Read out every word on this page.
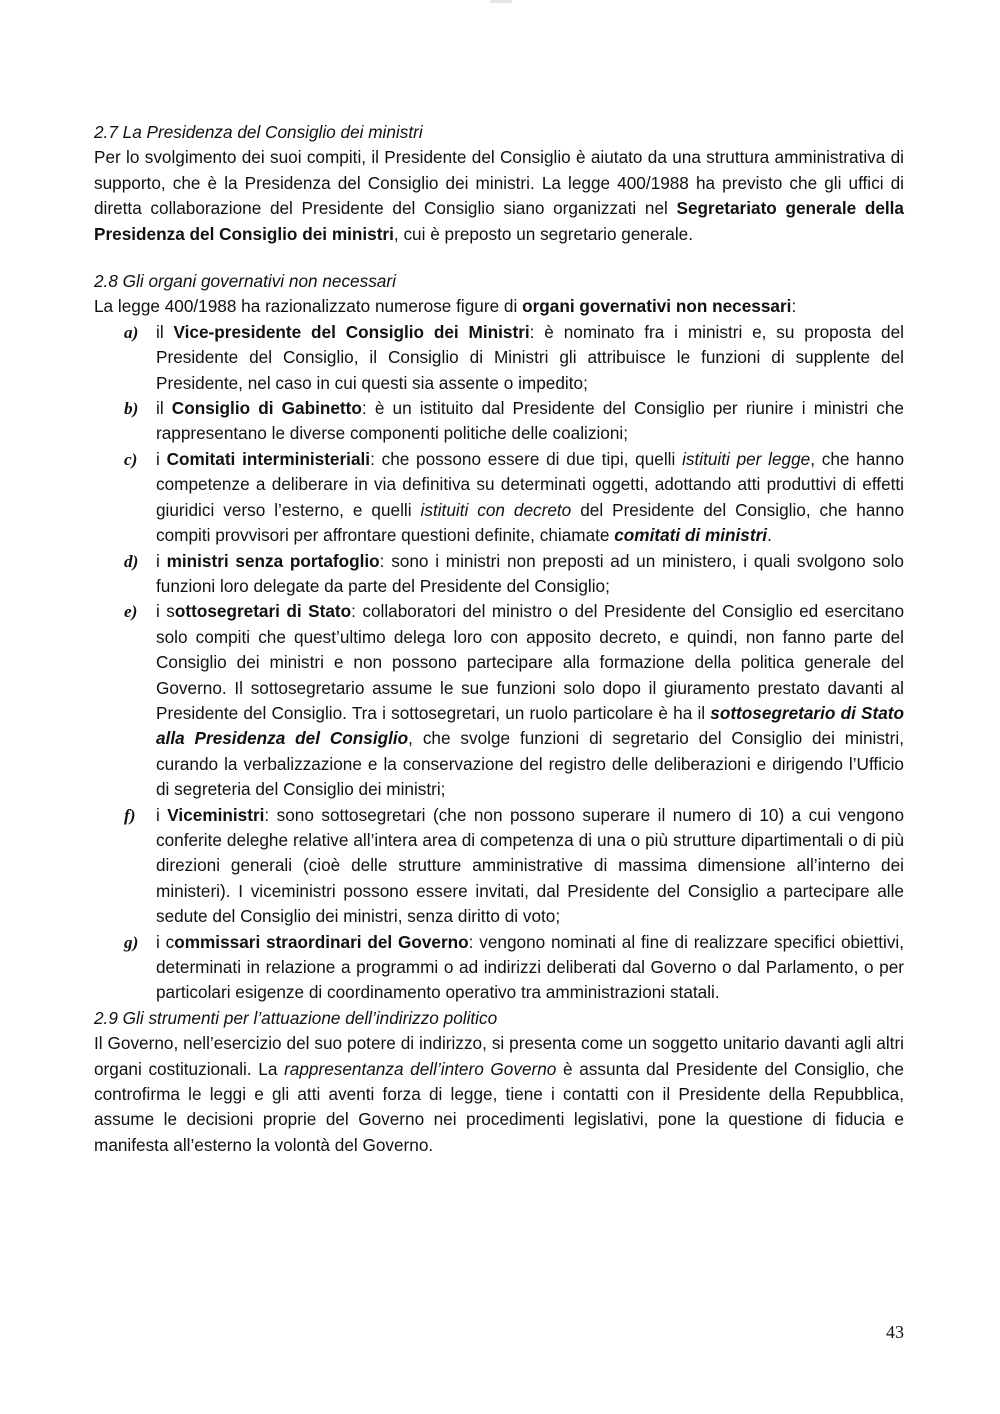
2.7 La Presidenza del Consiglio dei ministri

Per lo svolgimento dei suoi compiti, il Presidente del Consiglio è aiutato da una struttura amministrativa di supporto, che è la Presidenza del Consiglio dei ministri. La legge 400/1988 ha previsto che gli uffici di diretta collaborazione del Presidente del Consiglio siano organizzati nel Segretariato generale della Presidenza del Consiglio dei ministri, cui è preposto un segretario generale.

2.8 Gli organi governativi non necessari

La legge 400/1988 ha razionalizzato numerose figure di organi governativi non necessari:

a) il Vice-presidente del Consiglio dei Ministri: è nominato fra i ministri e, su proposta del Presidente del Consiglio, il Consiglio di Ministri gli attribuisce le funzioni di supplente del Presidente, nel caso in cui questi sia assente o impedito;
b) il Consiglio di Gabinetto: è un istituito dal Presidente del Consiglio per riunire i ministri che rappresentano le diverse componenti politiche delle coalizioni;
c) i Comitati interministeriali: che possono essere di due tipi, quelli istituiti per legge, che hanno competenze a deliberare in via definitiva su determinati oggetti, adottando atti produttivi di effetti giuridici verso l’esterno, e quelli istituiti con decreto del Presidente del Consiglio, che hanno compiti provvisori per affrontare questioni definite, chiamate comitati di ministri.
d) i ministri senza portafoglio: sono i ministri non preposti ad un ministero, i quali svolgono solo funzioni loro delegate da parte del Presidente del Consiglio;
e) i sottosegretari di Stato: collaboratori del ministro o del Presidente del Consiglio ed esercitano solo compiti che quest’ultimo delega loro con apposito decreto, e quindi, non fanno parte del Consiglio dei ministri e non possono partecipare alla formazione della politica generale del Governo. Il sottosegretario assume le sue funzioni solo dopo il giuramento prestato davanti al Presidente del Consiglio. Tra i sottosegretari, un ruolo particolare è ha il sottosegretario di Stato alla Presidenza del Consiglio, che svolge funzioni di segretario del Consiglio dei ministri, curando la verbalizzazione e la conservazione del registro delle deliberazioni e dirigendo l’Ufficio di segreteria del Consiglio dei ministri;
f) i Viceministri: sono sottosegretari (che non possono superare il numero di 10) a cui vengono conferite deleghe relative all’intera area di competenza di una o più strutture dipartimentali o di più direzioni generali (cioè delle strutture amministrative di massima dimensione all’interno dei ministeri). I viceministri possono essere invitati, dal Presidente del Consiglio a partecipare alle sedute del Consiglio dei ministri, senza diritto di voto;
g) i commissari straordinari del Governo: vengono nominati al fine di realizzare specifici obiettivi, determinati in relazione a programmi o ad indirizzi deliberati dal Governo o dal Parlamento, o per particolari esigenze di coordinamento operativo tra amministrazioni statali.

2.9 Gli strumenti per l’attuazione dell’indirizzo politico

Il Governo, nell’esercizio del suo potere di indirizzo, si presenta come un soggetto unitario davanti agli altri organi costituzionali. La rappresentanza dell’intero Governo è assunta dal Presidente del Consiglio, che controfirma le leggi e gli atti aventi forza di legge, tiene i contatti con il Presidente della Repubblica, assume le decisioni proprie del Governo nei procedimenti legislativi, pone la questione di fiducia e manifesta all’esterno la volontà del Governo.

43
